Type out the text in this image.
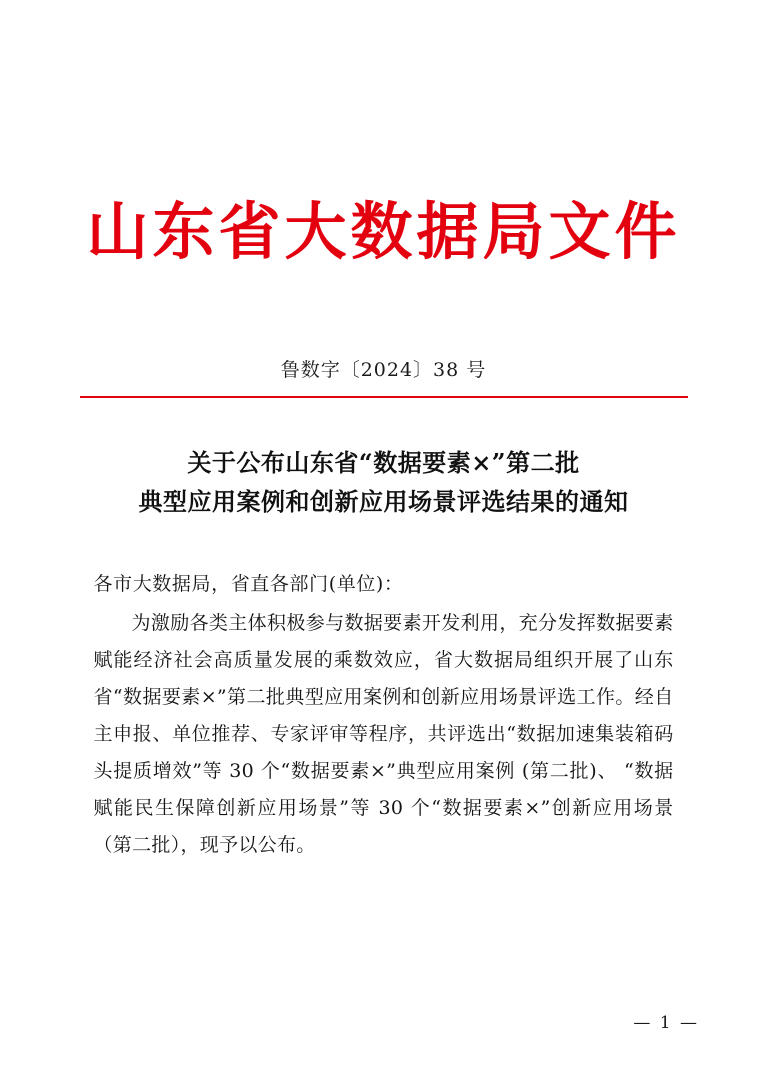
山东省大数据局文件
鲁数字〔2024〕38 号
关于公布山东省“数据要素×”第二批
典型应用案例和创新应用场景评选结果的通知
各市大数据局，省直各部门(单位)：
为激励各类主体积极参与数据要素开发利用，充分发挥数据要素赋能经济社会高质量发展的乘数效应，省大数据局组织开展了山东省“数据要素×”第二批典型应用案例和创新应用场景评选工作。经自主申报、单位推荐、专家评审等程序，共评选出“数据加速集装箱码头提质增效”等 30 个“数据要素×”典型应用案例 (第二批)、 “数据赋能民生保障创新应用场景”等 30 个“数据要素×”创新应用场景（第二批），现予以公布。
— 1 —
